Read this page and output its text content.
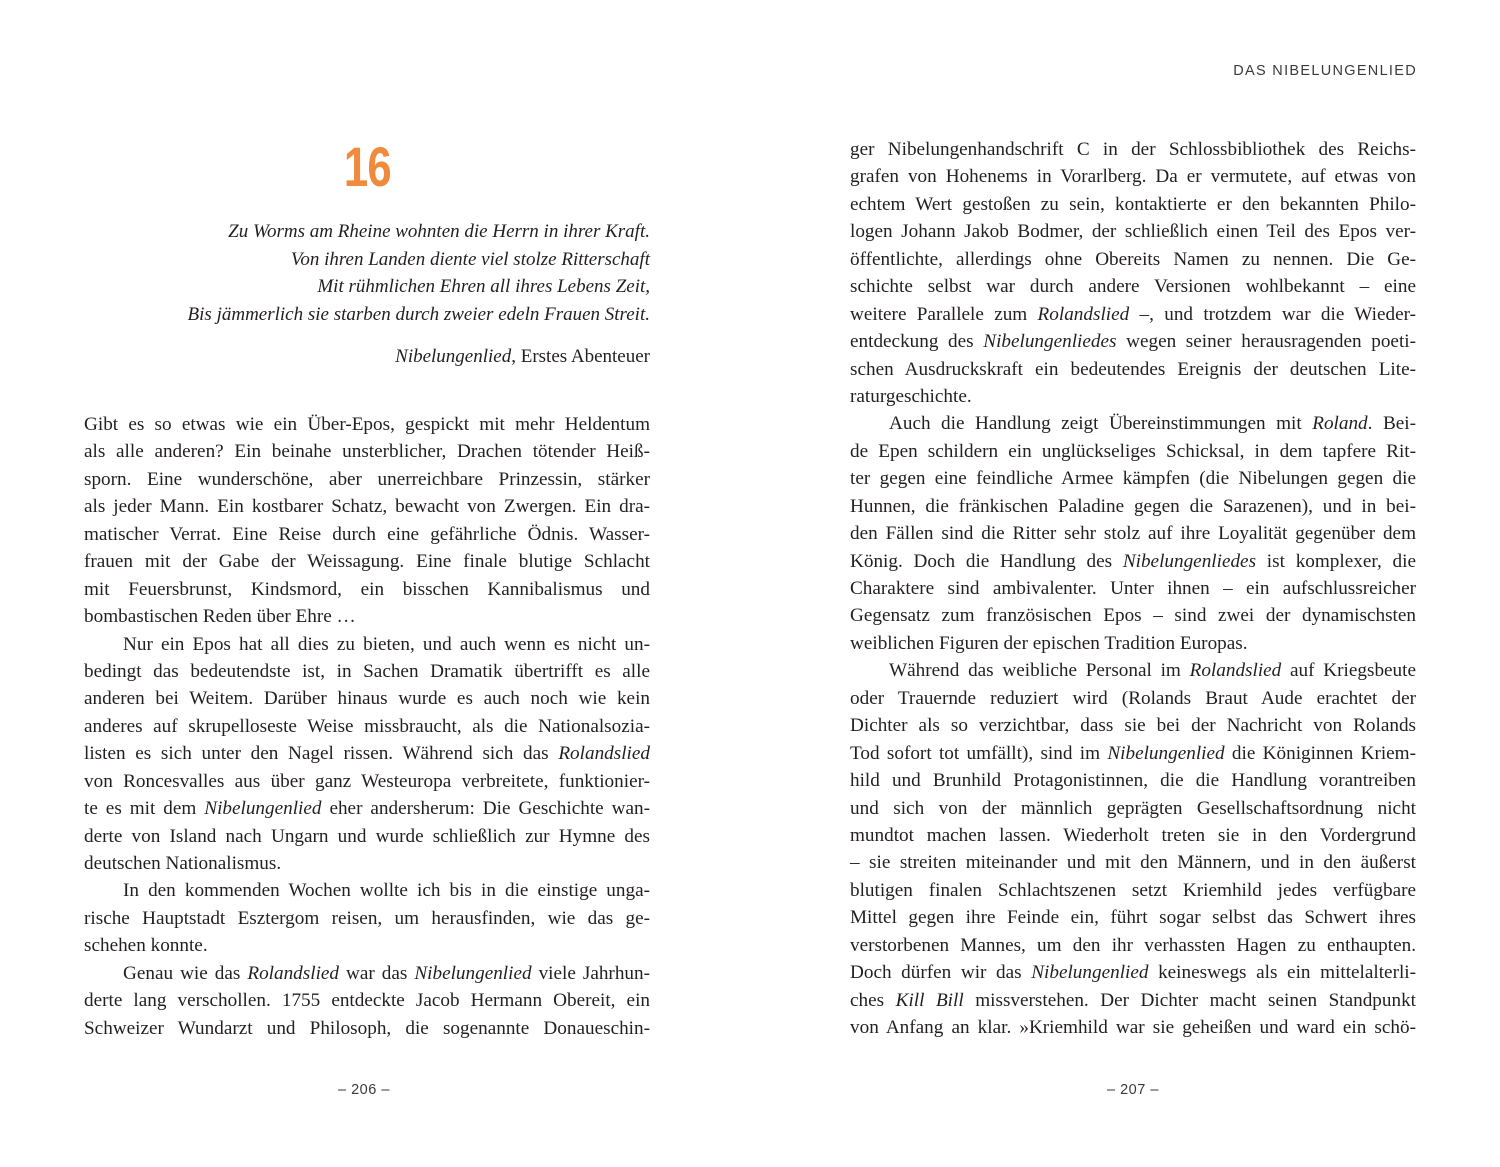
16
Zu Worms am Rheine wohnten die Herrn in ihrer Kraft.
Von ihren Landen diente viel stolze Ritterschaft
Mit rühmlichen Ehren all ihres Lebens Zeit,
Bis jämmerlich sie starben durch zweier edeln Frauen Streit.
Nibelungenlied, Erstes Abenteuer
Gibt es so etwas wie ein Über-Epos, gespickt mit mehr Heldentum
als alle anderen? Ein beinahe unsterblicher, Drachen tötender Heiß-
sporn. Eine wunderschöne, aber unerreichbare Prinzessin, stärker
als jeder Mann. Ein kostbarer Schatz, bewacht von Zwergen. Ein dra-
matischer Verrat. Eine Reise durch eine gefährliche Ödnis. Wasser-
frauen mit der Gabe der Weissagung. Eine finale blutige Schlacht
mit Feuersbrunst, Kindsmord, ein bisschen Kannibalismus und
bombastischen Reden über Ehre …
Nur ein Epos hat all dies zu bieten, und auch wenn es nicht un-
bedingt das bedeutendste ist, in Sachen Dramatik übertrifft es alle
anderen bei Weitem. Darüber hinaus wurde es auch noch wie kein
anderes auf skrupelloseste Weise missbraucht, als die Nationalsozia-
listen es sich unter den Nagel rissen. Während sich das Rolandslied
von Roncesvalles aus über ganz Westeuropa verbreitete, funktionier-
te es mit dem Nibelungenlied eher andersherum: Die Geschichte wan-
derte von Island nach Ungarn und wurde schließlich zur Hymne des
deutschen Nationalismus.
In den kommenden Wochen wollte ich bis in die einstige unga-
rische Hauptstadt Esztergom reisen, um herausfinden, wie das ge-
schehen konnte.
Genau wie das Rolandslied war das Nibelungenlied viele Jahrhun-
derte lang verschollen. 1755 entdeckte Jacob Hermann Obereit, ein
Schweizer Wundarzt und Philosoph, die sogenannte Donaueschin-
– 206 –
DAS NIBELUNGENLIED
ger Nibelungenhandschrift C in der Schlossbibliothek des Reichs-
grafen von Hohenems in Vorarlberg. Da er vermutete, auf etwas von
echtem Wert gestoßen zu sein, kontaktierte er den bekannten Philo-
logen Johann Jakob Bodmer, der schließlich einen Teil des Epos ver-
öffentlichte, allerdings ohne Obereits Namen zu nennen. Die Ge-
schichte selbst war durch andere Versionen wohlbekannt – eine
weitere Parallele zum Rolandslied –, und trotzdem war die Wieder-
entdeckung des Nibelungenliedes wegen seiner herausragenden poeti-
schen Ausdruckskraft ein bedeutendes Ereignis der deutschen Lite-
raturgeschichte.
Auch die Handlung zeigt Übereinstimmungen mit Roland. Bei-
de Epen schildern ein unglückseliges Schicksal, in dem tapfere Rit-
ter gegen eine feindliche Armee kämpfen (die Nibelungen gegen die
Hunnen, die fränkischen Paladine gegen die Sarazenen), und in bei-
den Fällen sind die Ritter sehr stolz auf ihre Loyalität gegenüber dem
König. Doch die Handlung des Nibelungenliedes ist komplexer, die
Charaktere sind ambivalenter. Unter ihnen – ein aufschlussreicher
Gegensatz zum französischen Epos – sind zwei der dynamischsten
weiblichen Figuren der epischen Tradition Europas.
Während das weibliche Personal im Rolandslied auf Kriegsbeute
oder Trauernde reduziert wird (Rolands Braut Aude erachtet der
Dichter als so verzichtbar, dass sie bei der Nachricht von Rolands
Tod sofort tot umfällt), sind im Nibelungenlied die Königinnen Kriem-
hild und Brunhild Protagonistinnen, die die Handlung vorantreiben
und sich von der männlich geprägten Gesellschaftsordnung nicht
mundtot machen lassen. Wiederholt treten sie in den Vordergrund
– sie streiten miteinander und mit den Männern, und in den äußerst
blutigen finalen Schlachtszenen setzt Kriemhild jedes verfügbare
Mittel gegen ihre Feinde ein, führt sogar selbst das Schwert ihres
verstorbenen Mannes, um den ihr verhassten Hagen zu enthaupten.
Doch dürfen wir das Nibelungenlied keineswegs als ein mittelalterli-
ches Kill Bill missverstehen. Der Dichter macht seinen Standpunkt
von Anfang an klar. »Kriemhild war sie geheißen und ward ein schö-
– 207 –
